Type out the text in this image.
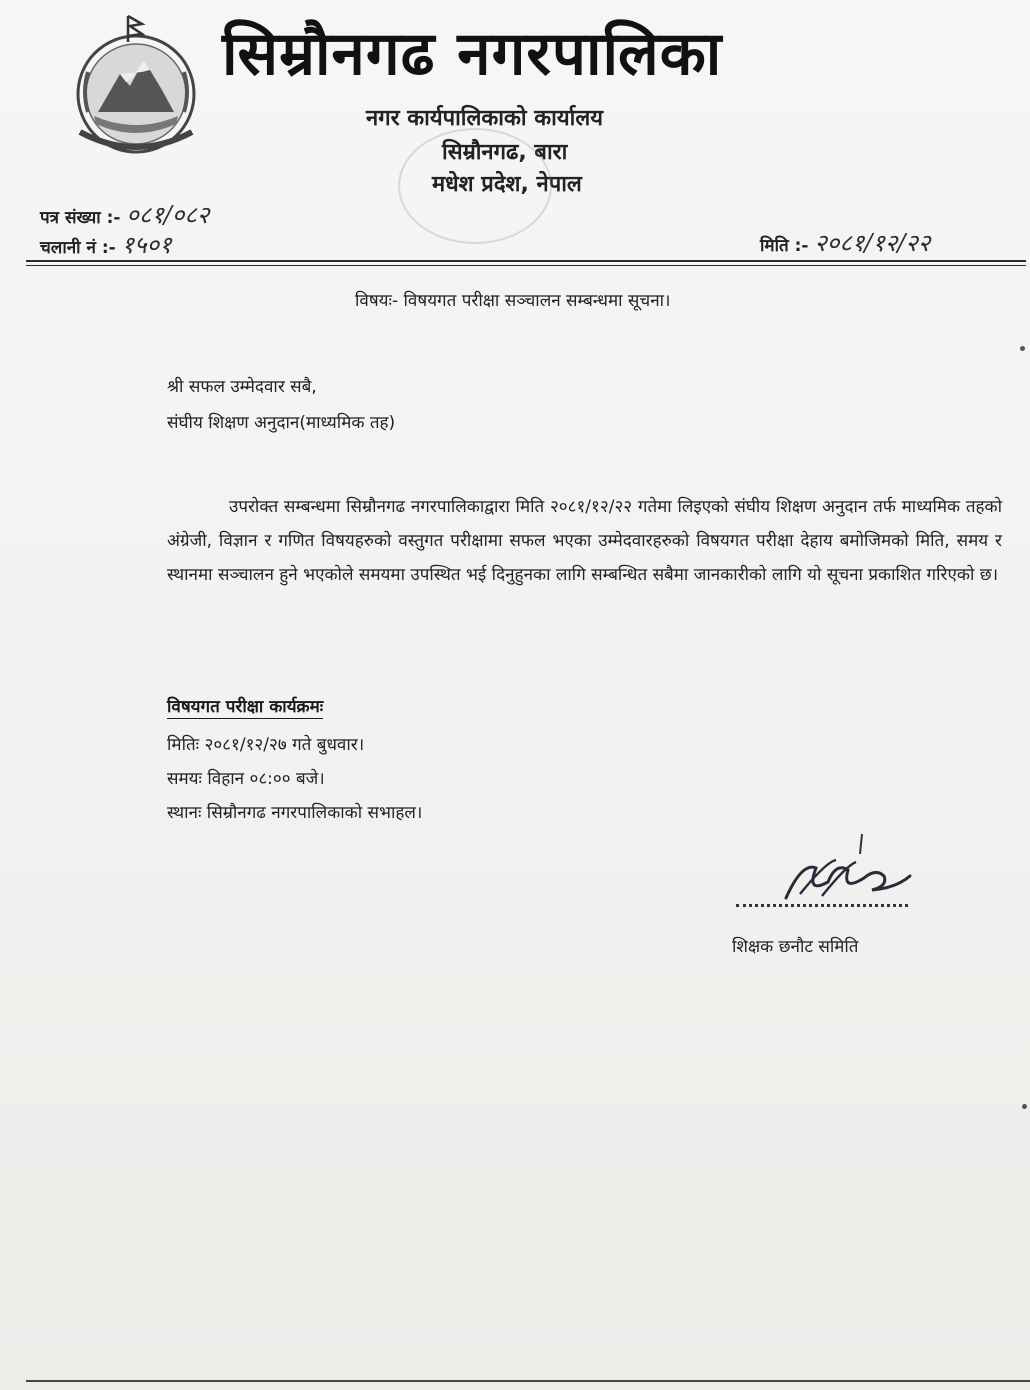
सिम्रौनगढ नगरपालिका
नगर कार्यपालिकाको कार्यालय
सिम्रौनगढ, बारा
मधेश प्रदेश, नेपाल
पत्र संख्या :- ०८१/०८२
चलानी नं :- १५०१	मिति :- २०८१/१२/२२
विषयः- विषयगत परीक्षा सञ्चालन सम्बन्धमा सूचना।
श्री सफल उम्मेदवार सबै,
संघीय शिक्षण अनुदान(माध्यमिक तह)
उपरोक्त सम्बन्धमा सिम्रौनगढ नगरपालिकाद्वारा मिति २०८१/१२/२२ गतेमा लिइएको संघीय शिक्षण अनुदान तर्फ माध्यमिक तहको अंग्रेजी, विज्ञान र गणित विषयहरुको वस्तुगत परीक्षामा सफल भएका उम्मेदवारहरुको विषयगत परीक्षा देहाय बमोजिमको मिति, समय र स्थानमा सञ्चालन हुने भएकोले समयमा उपस्थित भई दिनुहुनका लागि सम्बन्धित सबैमा जानकारीको लागि यो सूचना प्रकाशित गरिएको छ।
विषयगत परीक्षा कार्यक्रमः
मितिः २०८१/१२/२७ गते बुधवार।
समयः विहान ०८:०० बजे।
स्थानः सिम्रौनगढ नगरपालिकाको सभाहल।
शिक्षक छनौट समिति
